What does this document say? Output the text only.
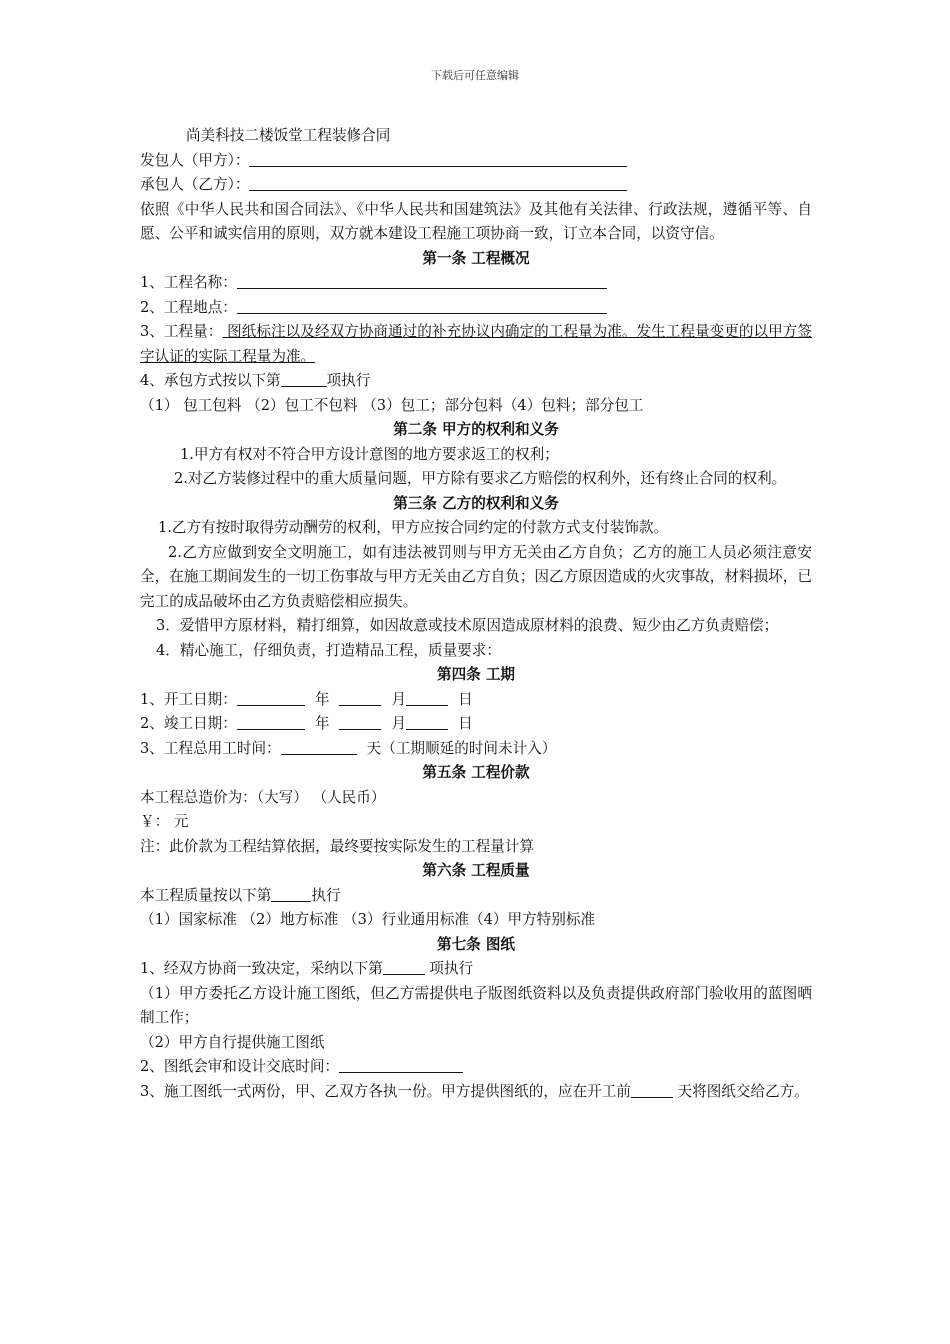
下载后可任意编辑

尚美科技二楼饭堂工程装修合同

发包人（甲方）：

承包人（乙方）：

依照《中华人民共和国合同法》、《中华人民共和国建筑法》及其他有关法律、行政法规，遵循平等、自愿、公平和诚实信用的原则，双方就本建设工程施工项协商一致，订立本合同，以资守信。

第一条 工程概况

1、工程名称：

2、工程地点：

3、工程量： 图纸标注以及经双方协商通过的补充协议内确定的工程量为准。发生工程量变更的以甲方签字认证的实际工程量为准。

4、承包方式按以下第	项执行

（1） 包工包料 （2）包工不包料 （3）包工；部分包料（4）包料；部分包工

第二条 甲方的权利和义务

1.甲方有权对不符合甲方设计意图的地方要求返工的权利；

2.对乙方装修过程中的重大质量问题，甲方除有要求乙方赔偿的权利外，还有终止合同的权利。

第三条 乙方的权利和义务

1.乙方有按时取得劳动酬劳的权利，甲方应按合同约定的付款方式支付装饰款。

2.乙方应做到安全文明施工，如有违法被罚则与甲方无关由乙方自负；乙方的施工人员必须注意安全，在施工期间发生的一切工伤事故与甲方无关由乙方自负；因乙方原因造成的火灾事故，材料损坏，已完工的成品破坏由乙方负责赔偿相应损失。

3．爱惜甲方原材料，精打细算，如因故意或技术原因造成原材料的浪费、短少由乙方负责赔偿；

4．精心施工，仔细负责，打造精品工程，质量要求：

第四条 工期

1、开工日期：	年	月	日

2、竣工日期：	年	月	日

3、工程总用工时间：	天（工期顺延的时间未计入）

第五条 工程价款

本工程总造价为：（大写） （人民币）

￥： 元

注：此价款为工程结算依据，最终要按实际发生的工程量计算

第六条 工程质量

本工程质量按以下第	执行

（1）国家标准 （2）地方标准 （3）行业通用标准（4）甲方特别标准

第七条 图纸

1、经双方协商一致决定，采纳以下第	项执行

（1）甲方委托乙方设计施工图纸，但乙方需提供电子版图纸资料以及负责提供政府部门验收用的蓝图晒制工作；

（2）甲方自行提供施工图纸

2、图纸会审和设计交底时间：

3、施工图纸一式两份，甲、乙双方各执一份。甲方提供图纸的，应在开工前	天将图纸交给乙方。
